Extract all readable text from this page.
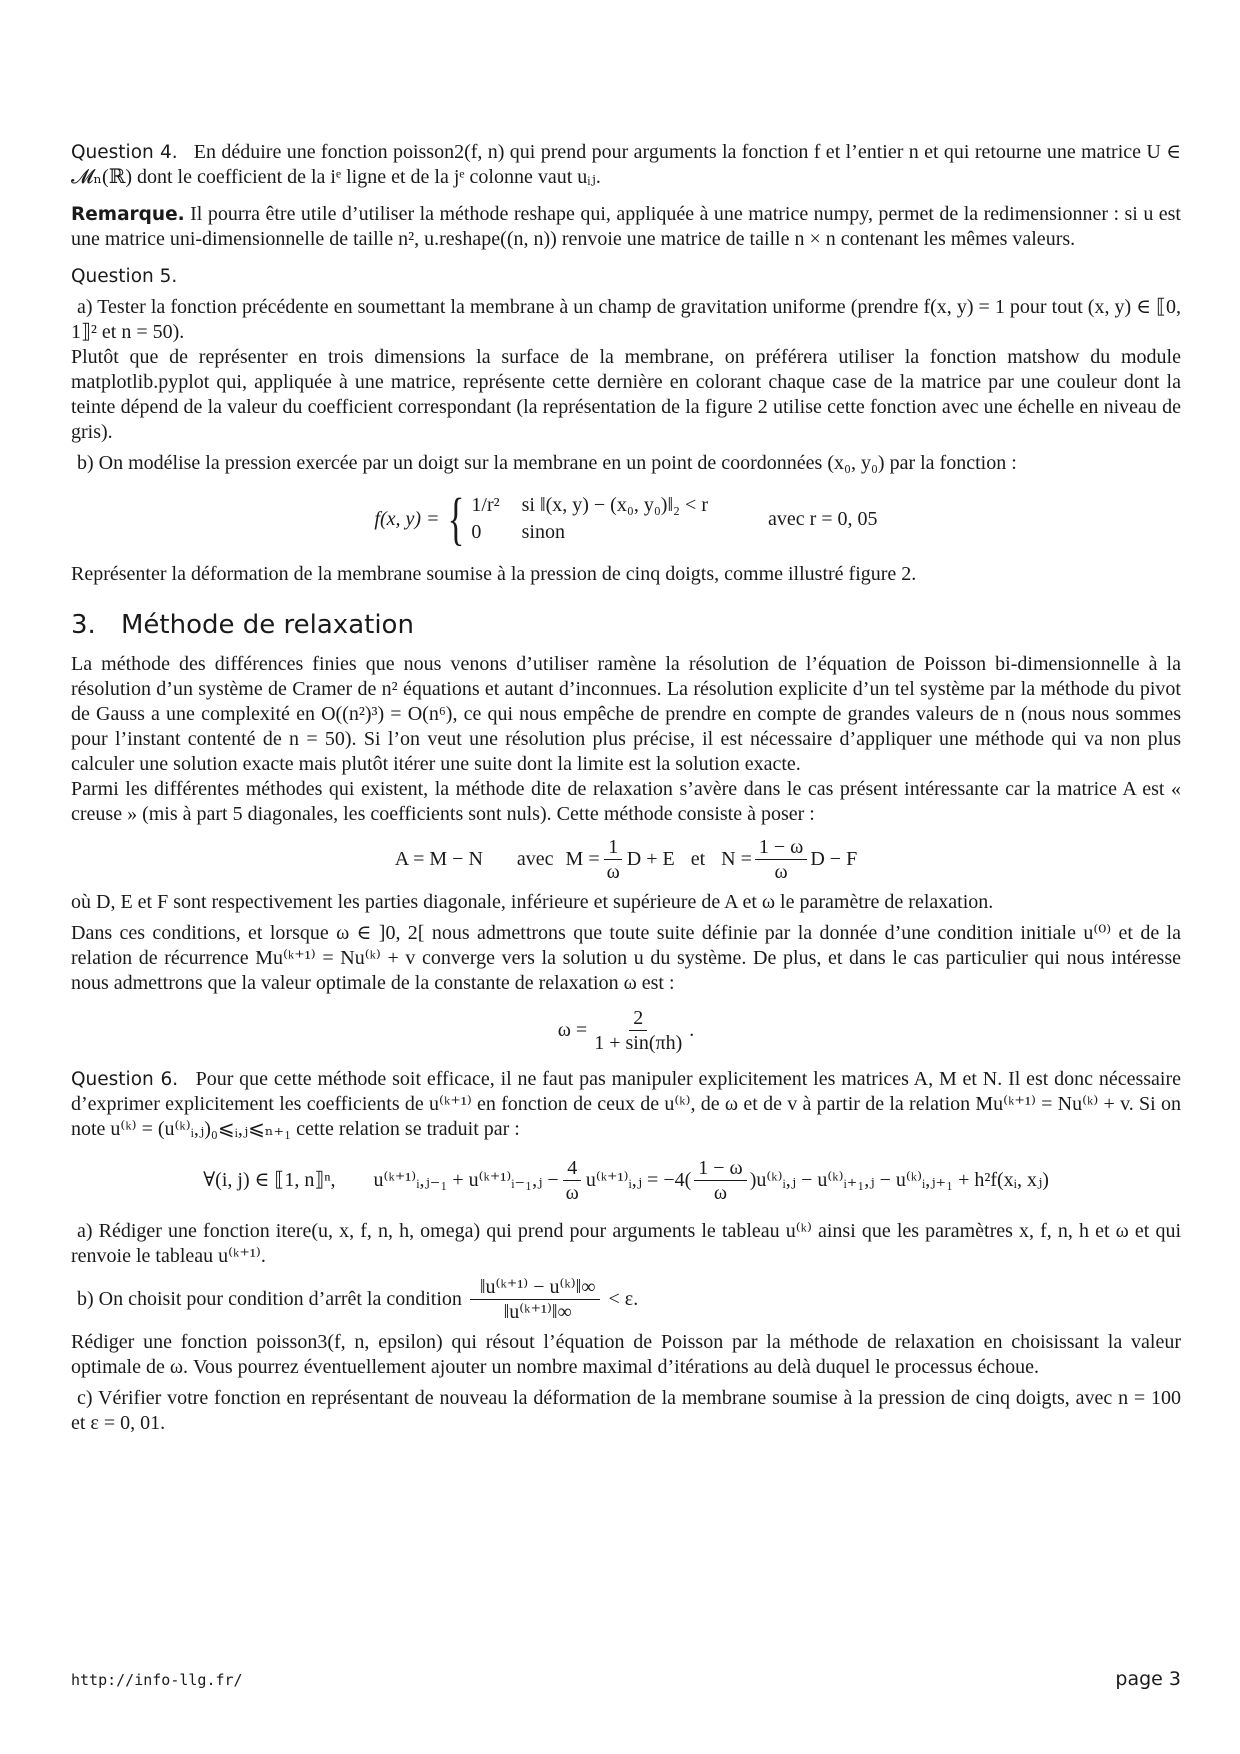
Question 4. En déduire une fonction poisson2(f, n) qui prend pour arguments la fonction f et l’entier n et qui retourne une matrice U ∈ 𝓜ₙ(ℝ) dont le coefficient de la iᵉ ligne et de la jᵉ colonne vaut uᵢⱼ.

Remarque. Il pourra être utile d’utiliser la méthode reshape qui, appliquée à une matrice numpy, permet de la redimensionner : si u est une matrice uni-dimensionnelle de taille n², u.reshape((n, n)) renvoie une matrice de taille n × n contenant les mêmes valeurs.

Question 5.

a) Tester la fonction précédente en soumettant la membrane à un champ de gravitation uniforme (prendre f(x, y) = 1 pour tout (x, y) ∈ ⟦0, 1⟧² et n = 50).

Plutôt que de représenter en trois dimensions la surface de la membrane, on préférera utiliser la fonction matshow du module matplotlib.pyplot qui, appliquée à une matrice, représente cette dernière en colorant chaque case de la matrice par une couleur dont la teinte dépend de la valeur du coefficient correspondant (la représentation de la figure 2 utilise cette fonction avec une échelle en niveau de gris).

b) On modélise la pression exercée par un doigt sur la membrane en un point de coordonnées (x₀, y₀) par la fonction :

f(x, y) = { 1/r² si ‖(x, y) − (x₀, y₀)‖₂ < r
0	sinon
avec r = 0, 05

Représenter la déformation de la membrane soumise à la pression de cinq doigts, comme illustré figure 2.

3. Méthode de relaxation

La méthode des différences finies que nous venons d’utiliser ramène la résolution de l’équation de Poisson bi-dimensionnelle à la résolution d’un système de Cramer de n² équations et autant d’inconnues. La résolution explicite d’un tel système par la méthode du pivot de Gauss a une complexité en O((n²)³) = O(n⁶), ce qui nous empêche de prendre en compte de grandes valeurs de n (nous nous sommes pour l’instant contenté de n = 50). Si l’on veut une résolution plus précise, il est nécessaire d’appliquer une méthode qui va non plus calculer une solution exacte mais plutôt itérer une suite dont la limite est la solution exacte.

Parmi les différentes méthodes qui existent, la méthode dite de relaxation s’avère dans le cas présent intéressante car la matrice A est « creuse » (mis à part 5 diagonales, les coefficients sont nuls). Cette méthode consiste à poser :

A = M − N avec $M = \frac{1}{\omega}$ D + E et $N = \frac{1 - \omega}{\omega}$ D − F

où D, E et F sont respectivement les parties diagonale, inférieure et supérieure de A et ω le paramètre de relaxation.

Dans ces conditions, et lorsque ω ∈ ]0, 2[ nous admettrons que toute suite définie par la donnée d’une condition initiale u⁽⁰⁾ et de la relation de récurrence Mu⁽ᵏ⁺¹⁾ = Nu⁽ᵏ⁾ + v converge vers la solution u du système. De plus, et dans le cas particulier qui nous intéresse nous admettrons que la valeur optimale de la constante de relaxation ω est :

$\omega = \frac{2}{1 + \sin(\pi h)}$ .

Question 6. Pour que cette méthode soit efficace, il ne faut pas manipuler explicitement les matrices A, M et N. Il est donc nécessaire d’exprimer explicitement les coefficients de u⁽ᵏ⁺¹⁾ en fonction de ceux de u⁽ᵏ⁾, de ω et de v à partir de la relation Mu⁽ᵏ⁺¹⁾ = Nu⁽ᵏ⁾ + v. Si on note u⁽ᵏ⁾ = (u⁽ᵏ⁾ᵢ,ⱼ)₀⩽ᵢ,ⱼ⩽ₙ₊₁ cette relation se traduit par :

∀(i, j) ∈ ⟦1, n⟧ⁿ, u⁽ᵏ⁺¹⁾ᵢ,ⱼ₋₁ + u⁽ᵏ⁺¹⁾ᵢ₋₁,ⱼ − $\frac{4}{\omega}$ u⁽ᵏ⁺¹⁾ᵢ,ⱼ = $-4( \frac{1 - \omega}{\omega}$ )u⁽ᵏ⁾ᵢ,ⱼ − u⁽ᵏ⁾ᵢ₊₁,ⱼ − u⁽ᵏ⁾ᵢ,ⱼ₊₁ + h²f(xᵢ, xⱼ)

a) Rédiger une fonction itere(u, x, f, n, h, omega) qui prend pour arguments le tableau u⁽ᵏ⁾ ainsi que les paramètres x, f, n, h et ω et qui renvoie le tableau u⁽ᵏ⁺¹⁾.

b) On choisit pour condition d’arrêt la condition $\frac{\text{‖u⁽ᵏ⁺¹⁾ − u⁽ᵏ⁾‖∞}}{\text{‖u⁽ᵏ⁺¹⁾‖∞}} < \varepsilon$.

Rédiger une fonction poisson3(f, n, epsilon) qui résout l’équation de Poisson par la méthode de relaxation en choisissant la valeur optimale de ω. Vous pourrez éventuellement ajouter un nombre maximal d’itérations au delà duquel le processus échoue.

c) Vérifier votre fonction en représentant de nouveau la déformation de la membrane soumise à la pression de cinq doigts, avec n = 100 et ε = 0, 01.

http://info-llg.fr/	page 3
